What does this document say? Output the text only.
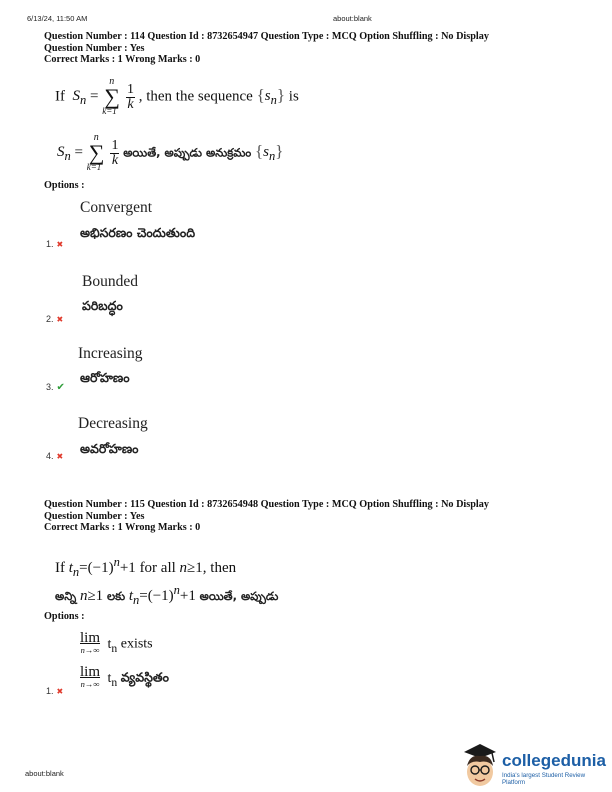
6/13/24, 11:50 AM	about:blank
Question Number : 114 Question Id : 8732654947 Question Type : MCQ Option Shuffling : No Display
Question Number : Yes
Correct Marks : 1 Wrong Marks : 0
If  $S_n$ =
n
∑
k=1
$\frac{1}{k}$ , then the sequence $\{s_n\}$ is
$S_n$ =
n
∑
k=1
$\frac{1}{k}$ అయితే, అప్పుడు అనుక్రమం $\{s_n\}$
Options :
Convergent
అభిసరణం చెందుతుంది
1. ✖
Bounded
పరిబద్ధం
2. ✖
Increasing
ఆరోహణం
3. ✔
Decreasing
అవరోహణం
4. ✖
Question Number : 115 Question Id : 8732654948 Question Type : MCQ Option Shuffling : No Display
Question Number : Yes
Correct Marks : 1 Wrong Marks : 0
If $t_n=(-1)^n+1$ for all n≥1, then
అన్ని n≥1 లకు $t_n=(-1)^n+1$ అయితే, అప్పుడు
Options :
lim
n→∞ $t_n$ exists
lim
n→∞ $t_n$ వ్యవస్థితం
1. ✖
about:blank
collegedunia
India's largest Student Review Platform
